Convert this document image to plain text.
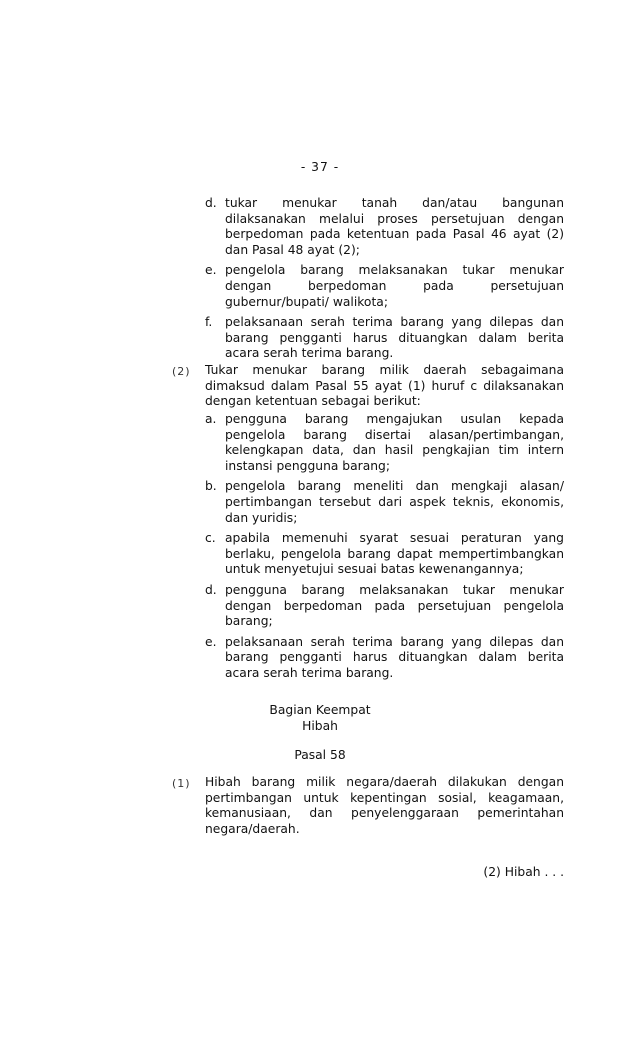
- 37 -
d. tukar menukar tanah dan/atau bangunan dilaksanakan melalui proses persetujuan dengan berpedoman pada ketentuan pada Pasal 46 ayat (2) dan Pasal 48 ayat (2);
e. pengelola barang melaksanakan tukar menukar dengan berpedoman pada persetujuan gubernur/bupati/ walikota;
f.	pelaksanaan serah terima barang yang dilepas dan barang pengganti harus dituangkan dalam berita acara serah terima barang.
(2) Tukar menukar barang milik daerah sebagaimana dimaksud dalam Pasal 55 ayat (1) huruf c dilaksanakan dengan ketentuan sebagai berikut:
a. pengguna barang mengajukan usulan kepada pengelola barang disertai alasan/pertimbangan, kelengkapan data, dan hasil pengkajian tim intern instansi pengguna barang;
b. pengelola barang meneliti dan mengkaji alasan/ pertimbangan tersebut dari aspek teknis, ekonomis, dan yuridis;
c. apabila memenuhi syarat sesuai peraturan yang berlaku, pengelola barang dapat mempertimbangkan untuk menyetujui sesuai batas kewenangannya;
d. pengguna barang melaksanakan tukar menukar dengan berpedoman pada persetujuan pengelola barang;
e. pelaksanaan serah terima barang yang dilepas dan barang pengganti harus dituangkan dalam berita acara serah terima barang.
Bagian Keempat
Hibah
Pasal 58
(1) Hibah barang milik negara/daerah dilakukan dengan pertimbangan untuk kepentingan sosial, keagamaan, kemanusiaan, dan penyelenggaraan pemerintahan negara/daerah.
(2) Hibah . . .
